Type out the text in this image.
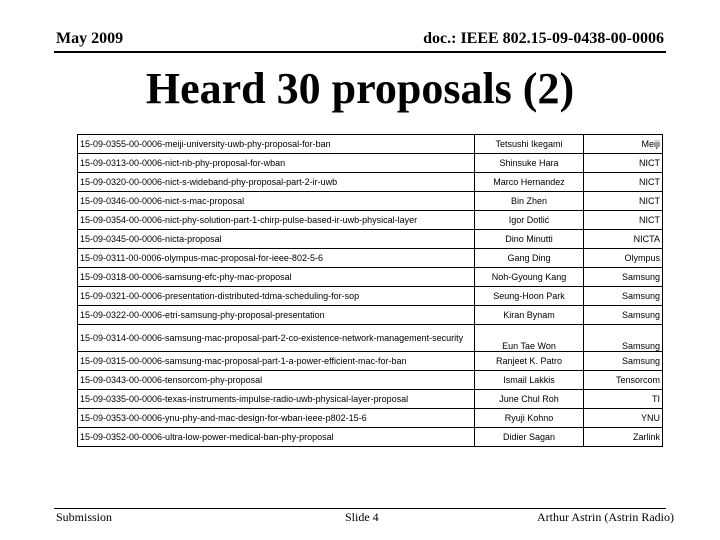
May 2009	doc.: IEEE 802.15-09-0438-00-0006
Heard 30 proposals (2)
15-09-0355-00-0006-meiji-university-uwb-phy-proposal-for-ban	Tetsushi Ikegami	Meiji
15-09-0313-00-0006-nict-nb-phy-proposal-for-wban	Shinsuke Hara	NICT
15-09-0320-00-0006-nict-s-wideband-phy-proposal-part-2-ir-uwb	Marco Hernandez	NICT
15-09-0346-00-0006-nict-s-mac-proposal	Bin Zhen	NICT
15-09-0354-00-0006-nict-phy-solution-part-1-chirp-pulse-based-ir-uwb-physical-layer	Igor Dotlić	NICT
15-09-0345-00-0006-nicta-proposal	Dino Minutti	NICTA
15-09-0311-00-0006-olympus-mac-proposal-for-ieee-802-5-6	Gang Ding	Olympus
15-09-0318-00-0006-samsung-efc-phy-mac-proposal	Noh-Gyoung Kang	Samsung
15-09-0321-00-0006-presentation-distributed-tdma-scheduling-for-sop	Seung-Hoon Park	Samsung
15-09-0322-00-0006-etri-samsung-phy-proposal-presentation	Kiran Bynam	Samsung
15-09-0314-00-0006-samsung-mac-proposal-part-2-co-existence-network-management-security	Eun Tae Won	Samsung
15-09-0315-00-0006-samsung-mac-proposal-part-1-a-power-efficient-mac-for-ban	Ranjeet K. Patro	Samsung
15-09-0343-00-0006-tensorcom-phy-proposal	Ismail Lakkis	Tensorcom
15-09-0335-00-0006-texas-instruments-impulse-radio-uwb-physical-layer-proposal	June Chul Roh	TI
15-09-0353-00-0006-ynu-phy-and-mac-design-for-wban-ieee-p802-15-6	Ryuji Kohno	YNU
15-09-0352-00-0006-ultra-low-power-medical-ban-phy-proposal	Didier Sagan	Zarlink
Submission	Slide 4	Arthur Astrin (Astrin Radio)
